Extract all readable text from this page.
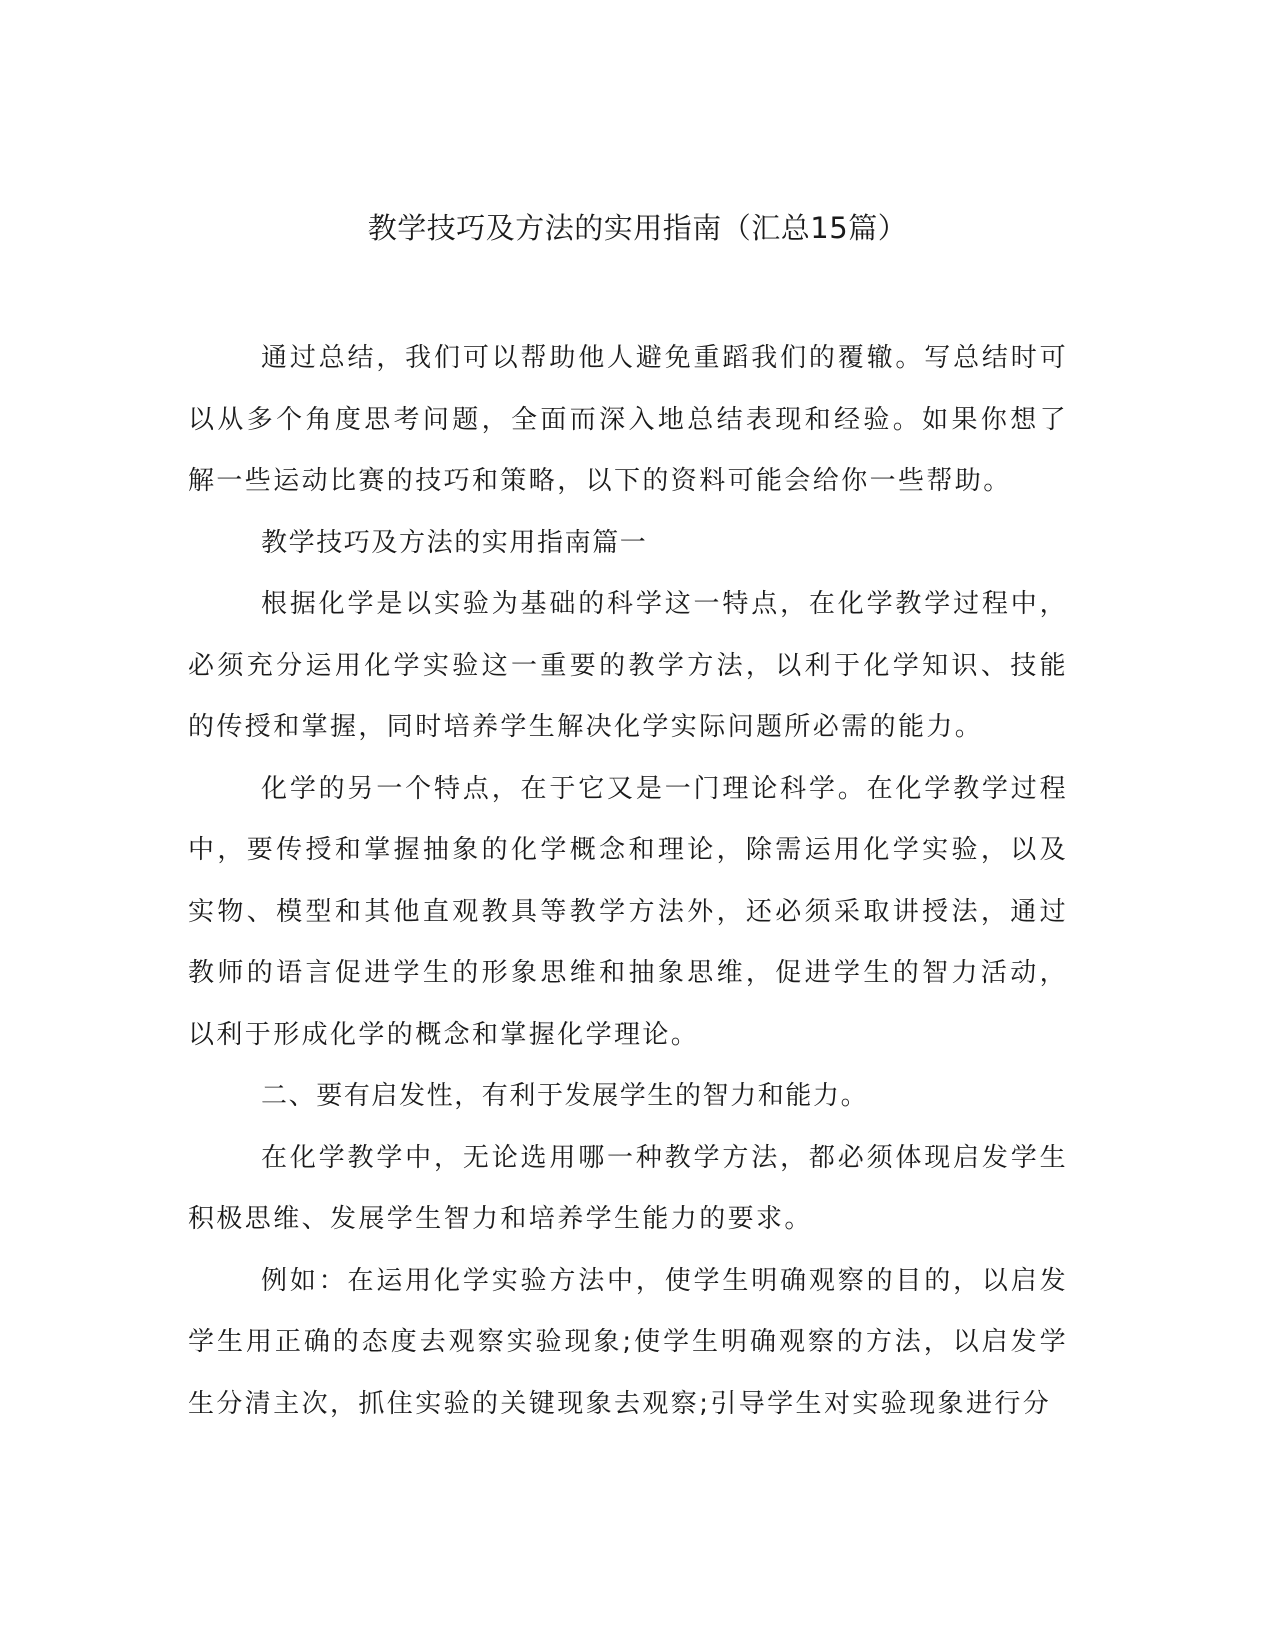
教学技巧及方法的实用指南（汇总15篇）

通过总结，我们可以帮助他人避免重蹈我们的覆辙。写总结时可以从多个角度思考问题，全面而深入地总结表现和经验。如果你想了解一些运动比赛的技巧和策略，以下的资料可能会给你一些帮助。

教学技巧及方法的实用指南篇一

根据化学是以实验为基础的科学这一特点，在化学教学过程中，必须充分运用化学实验这一重要的教学方法，以利于化学知识、技能的传授和掌握，同时培养学生解决化学实际问题所必需的能力。

化学的另一个特点，在于它又是一门理论科学。在化学教学过程中，要传授和掌握抽象的化学概念和理论，除需运用化学实验，以及实物、模型和其他直观教具等教学方法外，还必须采取讲授法，通过教师的语言促进学生的形象思维和抽象思维，促进学生的智力活动，以利于形成化学的概念和掌握化学理论。

二、要有启发性，有利于发展学生的智力和能力。

在化学教学中，无论选用哪一种教学方法，都必须体现启发学生积极思维、发展学生智力和培养学生能力的要求。

例如：在运用化学实验方法中，使学生明确观察的目的，以启发学生用正确的态度去观察实验现象;使学生明确观察的方法，以启发学生分清主次，抓住实验的关键现象去观察;引导学生对实验现象进行分
